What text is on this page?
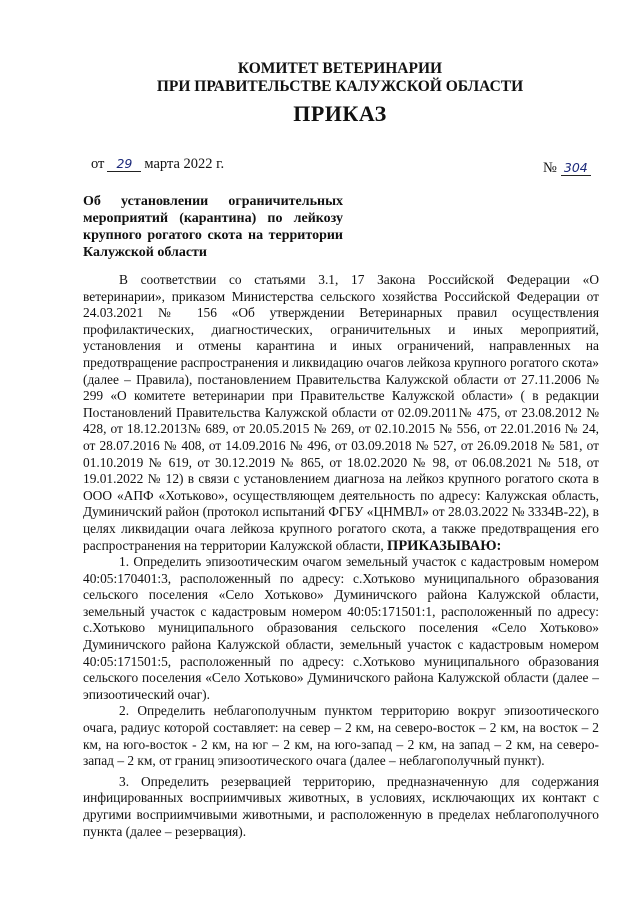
КОМИТЕТ ВЕТЕРИНАРИИ
ПРИ ПРАВИТЕЛЬСТВЕ КАЛУЖСКОЙ ОБЛАСТИ
ПРИКАЗ
от 29 марта 2022 г.	№ 304
Об установлении ограничительных мероприятий (карантина) по лейкозу крупного рогатого скота на территории Калужской области

В соответствии со статьями 3.1, 17 Закона Российской Федерации «О ветеринарии», приказом Министерства сельского хозяйства Российской Федерации от 24.03.2021 № 156 «Об утверждении Ветеринарных правил осуществления профилактических, диагностических, ограничительных и иных мероприятий, установления и отмены карантина и иных ограничений, направленных на предотвращение распространения и ликвидацию очагов лейкоза крупного рогатого скота» (далее – Правила), постановлением Правительства Калужской области от 27.11.2006 № 299 «О комитете ветеринарии при Правительстве Калужской области» ( в редакции Постановлений Правительства Калужской области от 02.09.2011№ 475, от 23.08.2012 № 428, от 18.12.2013№ 689, от 20.05.2015 № 269, от 02.10.2015 № 556, от 22.01.2016 № 24, от 28.07.2016 № 408, от 14.09.2016 № 496, от 03.09.2018 № 527, от 26.09.2018 № 581, от 01.10.2019 № 619, от 30.12.2019 № 865, от 18.02.2020 № 98, от 06.08.2021 № 518, от 19.01.2022 № 12) в связи с установлением диагноза на лейкоз крупного рогатого скота в ООО «АПФ «Хотьково», осуществляющем деятельность по адресу: Калужская область, Думиничский район (протокол испытаний ФГБУ «ЦНМВЛ» от 28.03.2022 № 3334В-22), в целях ликвидации очага лейкоза крупного рогатого скота, а также предотвращения его распространения на территории Калужской области, ПРИКАЗЫВАЮ:

1. Определить эпизоотическим очагом земельный участок с кадастровым номером 40:05:170401:3, расположенный по адресу: с.Хотьково муниципального образования сельского поселения «Село Хотьково» Думиничского района Калужской области, земельный участок с кадастровым номером 40:05:171501:1, расположенный по адресу: с.Хотьково муниципального образования сельского поселения «Село Хотьково» Думиничского района Калужской области, земельный участок с кадастровым номером 40:05:171501:5, расположенный по адресу: с.Хотьково муниципального образования сельского поселения «Село Хотьково» Думиничского района Калужской области (далее – эпизоотический очаг).

2. Определить неблагополучным пунктом территорию вокруг эпизоотического очага, радиус которой составляет: на север – 2 км, на северо-восток – 2 км, на восток – 2 км, на юго-восток - 2 км, на юг – 2 км, на юго-запад – 2 км, на запад – 2 км, на северо-запад – 2 км, от границ эпизоотического очага (далее – неблагополучный пункт).

3. Определить резервацией территорию, предназначенную для содержания инфицированных восприимчивых животных, в условиях, исключающих их контакт с другими восприимчивыми животными, и расположенную в пределах неблагополучного пункта (далее – резервация).
